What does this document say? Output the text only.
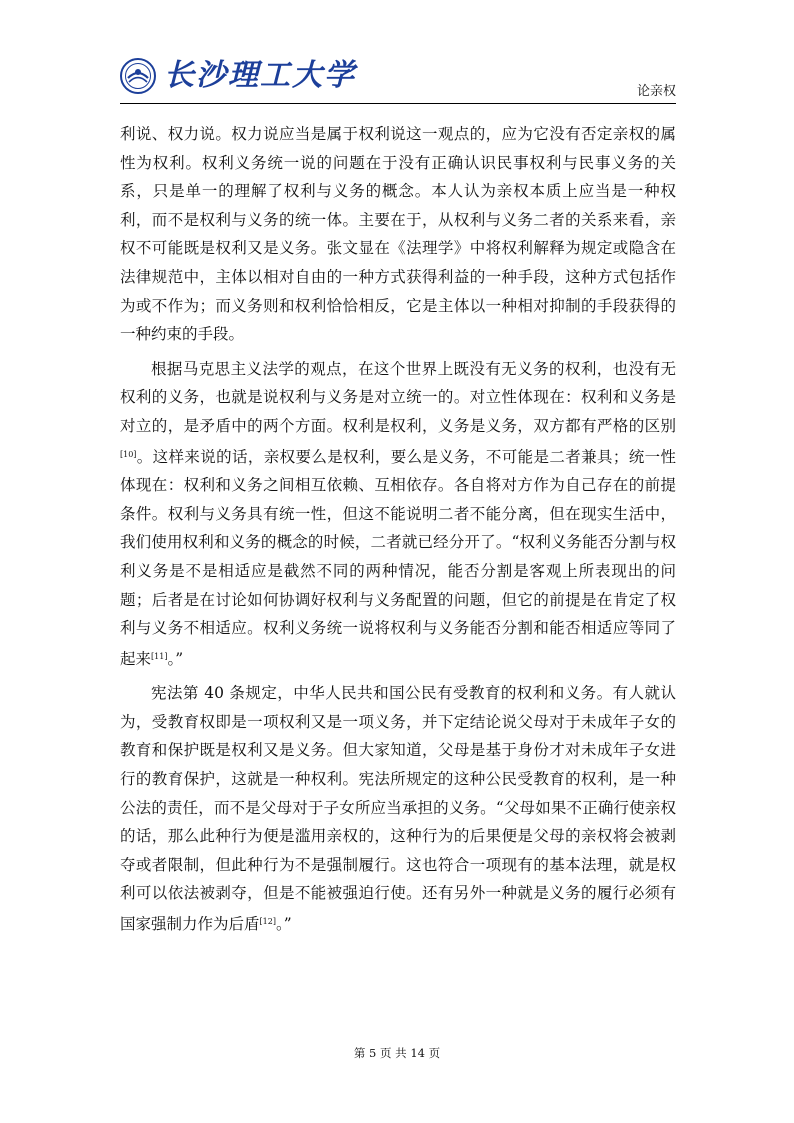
长沙理工大学	论亲权

利说、权力说。权力说应当是属于权利说这一观点的，应为它没有否定亲权的属性为权利。权利义务统一说的问题在于没有正确认识民事权利与民事义务的关系，只是单一的理解了权利与义务的概念。本人认为亲权本质上应当是一种权利，而不是权利与义务的统一体。主要在于，从权利与义务二者的关系来看，亲权不可能既是权利又是义务。张文显在《法理学》中将权利解释为规定或隐含在法律规范中，主体以相对自由的一种方式获得利益的一种手段，这种方式包括作为或不作为；而义务则和权利恰恰相反，它是主体以一种相对抑制的手段获得的一种约束的手段。

根据马克思主义法学的观点，在这个世界上既没有无义务的权利，也没有无权利的义务，也就是说权利与义务是对立统一的。对立性体现在：权利和义务是对立的，是矛盾中的两个方面。权利是权利，义务是义务，双方都有严格的区别[10]。这样来说的话，亲权要么是权利，要么是义务，不可能是二者兼具；统一性体现在：权利和义务之间相互依赖、互相依存。各自将对方作为自己存在的前提条件。权利与义务具有统一性，但这不能说明二者不能分离，但在现实生活中，我们使用权利和义务的概念的时候，二者就已经分开了。“权利义务能否分割与权利义务是不是相适应是截然不同的两种情况，能否分割是客观上所表现出的问题；后者是在讨论如何协调好权利与义务配置的问题，但它的前提是在肯定了权利与义务不相适应。权利义务统一说将权利与义务能否分割和能否相适应等同了起来[11]。”

宪法第 40 条规定，中华人民共和国公民有受教育的权利和义务。有人就认为，受教育权即是一项权利又是一项义务，并下定结论说父母对于未成年子女的教育和保护既是权利又是义务。但大家知道，父母是基于身份才对未成年子女进行的教育保护，这就是一种权利。宪法所规定的这种公民受教育的权利，是一种公法的责任，而不是父母对于子女所应当承担的义务。“父母如果不正确行使亲权的话，那么此种行为便是滥用亲权的，这种行为的后果便是父母的亲权将会被剥夺或者限制，但此种行为不是强制履行。这也符合一项现有的基本法理，就是权利可以依法被剥夺，但是不能被强迫行使。还有另外一种就是义务的履行必须有国家强制力作为后盾[12]。”

第 5 页 共 14 页
